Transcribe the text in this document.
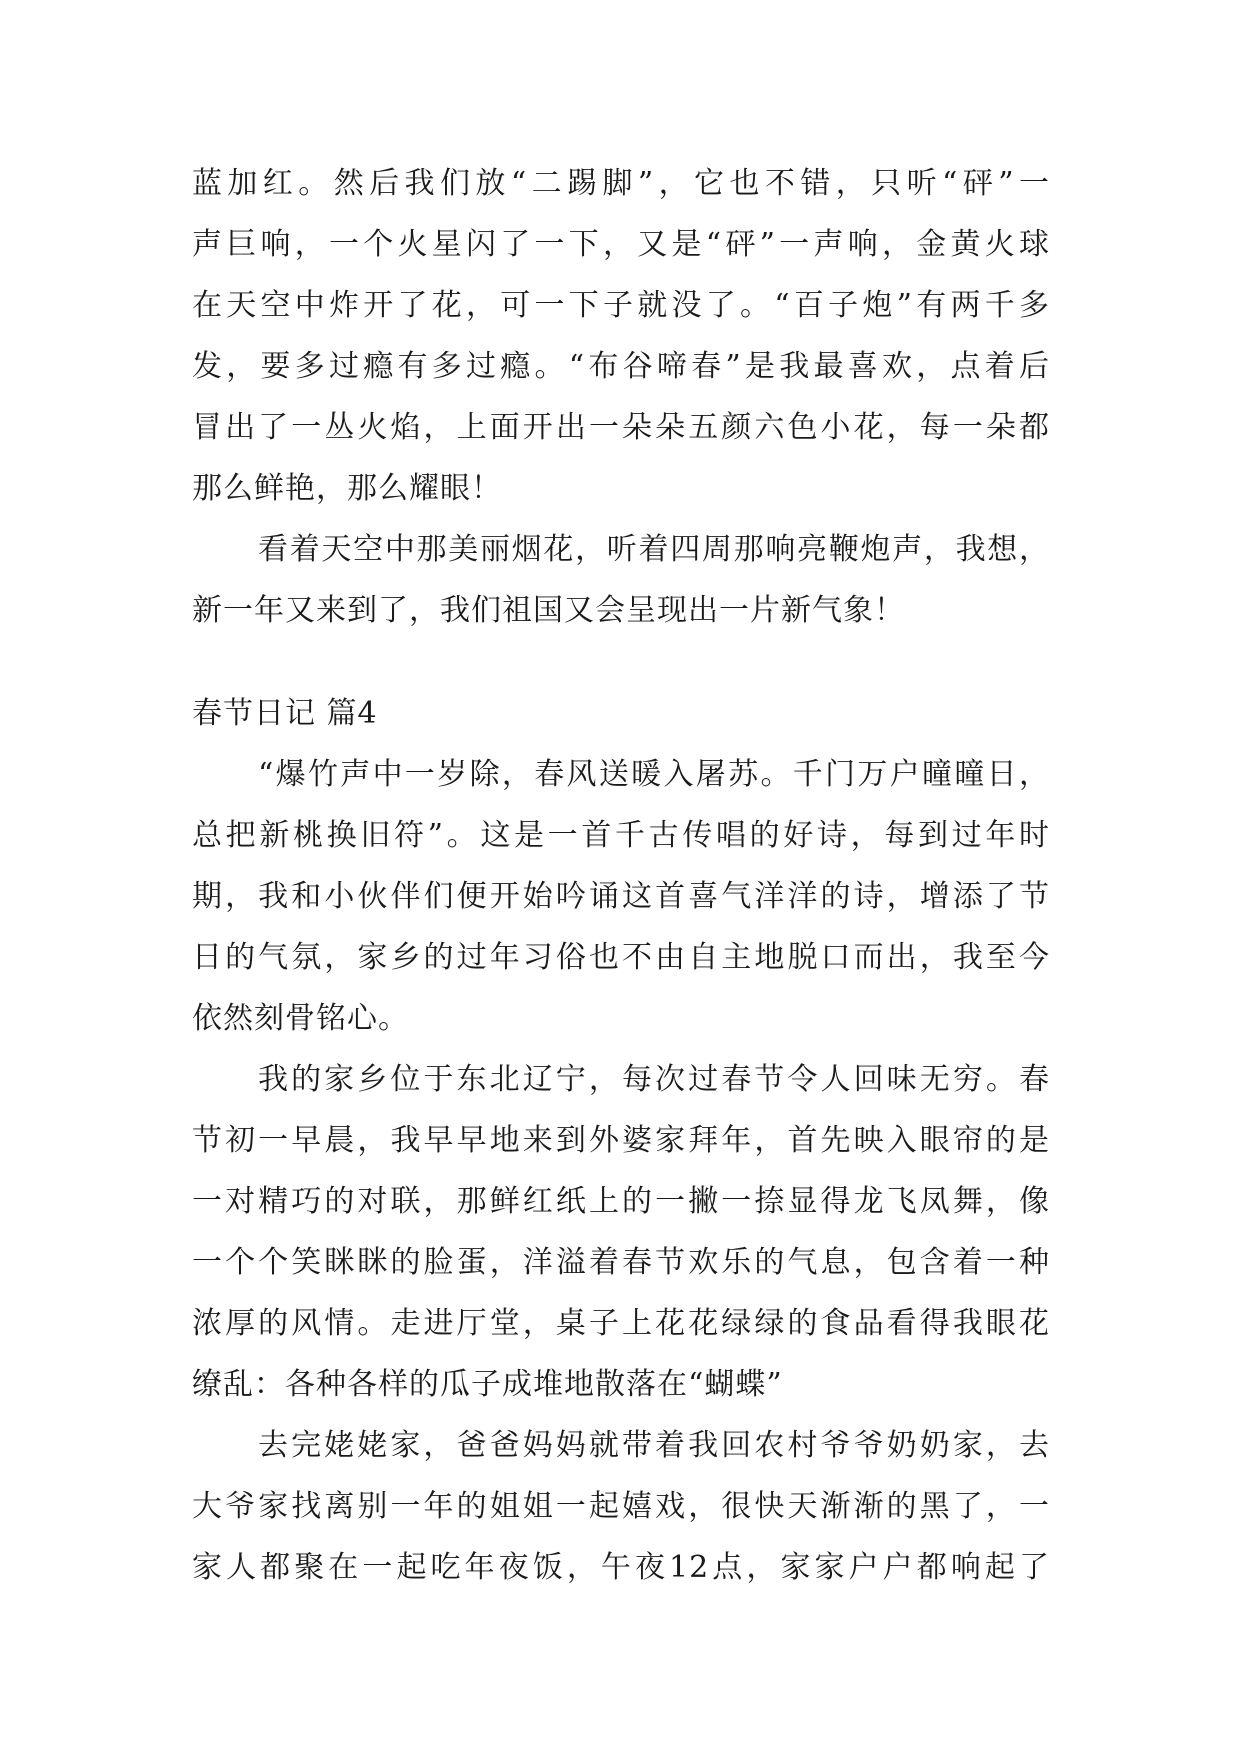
蓝加红。然后我们放“二踢脚”，它也不错，只听“砰”一
声巨响，一个火星闪了一下，又是“砰”一声响，金黄火球
在天空中炸开了花，可一下子就没了。“百子炮”有两千多
发，要多过瘾有多过瘾。“布谷啼春”是我最喜欢，点着后
冒出了一丛火焰，上面开出一朵朵五颜六色小花，每一朵都
那么鲜艳，那么耀眼！
看着天空中那美丽烟花，听着四周那响亮鞭炮声，我想，
新一年又来到了，我们祖国又会呈现出一片新气象！
春节日记 篇4
“爆竹声中一岁除，春风送暖入屠苏。千门万户曈曈日，
总把新桃换旧符”。这是一首千古传唱的好诗，每到过年时
期，我和小伙伴们便开始吟诵这首喜气洋洋的诗，增添了节
日的气氛，家乡的过年习俗也不由自主地脱口而出，我至今
依然刻骨铭心。
我的家乡位于东北辽宁，每次过春节令人回味无穷。春
节初一早晨，我早早地来到外婆家拜年，首先映入眼帘的是
一对精巧的对联，那鲜红纸上的一撇一捺显得龙飞凤舞，像
一个个笑眯眯的脸蛋，洋溢着春节欢乐的气息，包含着一种
浓厚的风情。走进厅堂，桌子上花花绿绿的食品看得我眼花
缭乱：各种各样的瓜子成堆地散落在“蝴蝶”
去完姥姥家，爸爸妈妈就带着我回农村爷爷奶奶家，去
大爷家找离别一年的姐姐一起嬉戏，很快天渐渐的黑了，一
家人都聚在一起吃年夜饭，午夜12点，家家户户都响起了
